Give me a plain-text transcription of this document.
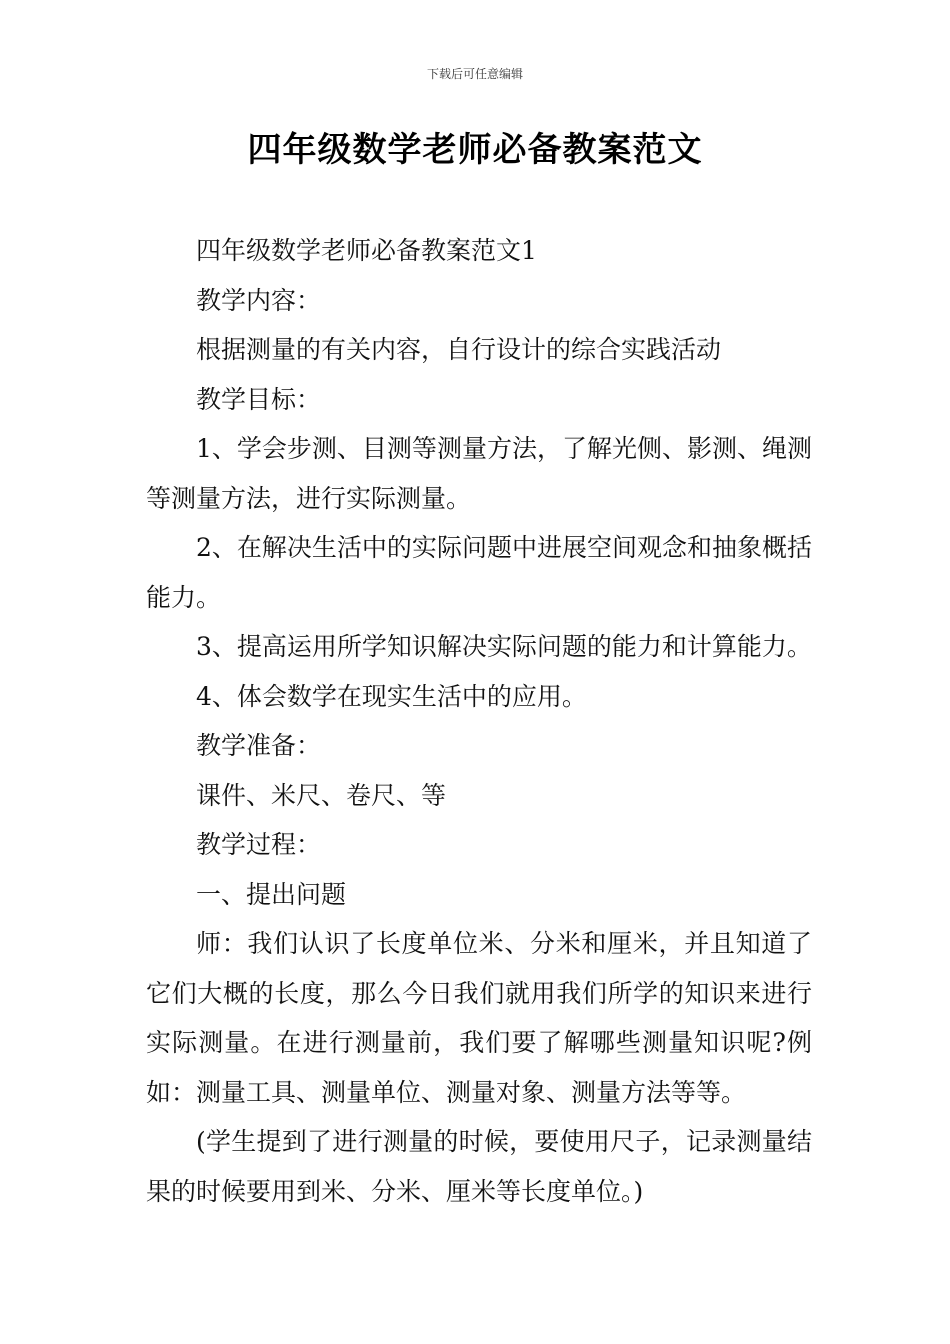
下载后可任意编辑
四年级数学老师必备教案范文

四年级数学老师必备教案范文1

教学内容：

根据测量的有关内容，自行设计的综合实践活动

教学目标：

1、学会步测、目测等测量方法，了解光侧、影测、绳测等测量方法，进行实际测量。

2、在解决生活中的实际问题中进展空间观念和抽象概括能力。

3、提高运用所学知识解决实际问题的能力和计算能力。

4、体会数学在现实生活中的应用。

教学准备：

课件、米尺、卷尺、等

教学过程：

一、提出问题

师：我们认识了长度单位米、分米和厘米，并且知道了它们大概的长度，那么今日我们就用我们所学的知识来进行实际测量。在进行测量前，我们要了解哪些测量知识呢?例如：测量工具、测量单位、测量对象、测量方法等等。

(学生提到了进行测量的时候，要使用尺子，记录测量结果的时候要用到米、分米、厘米等长度单位。)
